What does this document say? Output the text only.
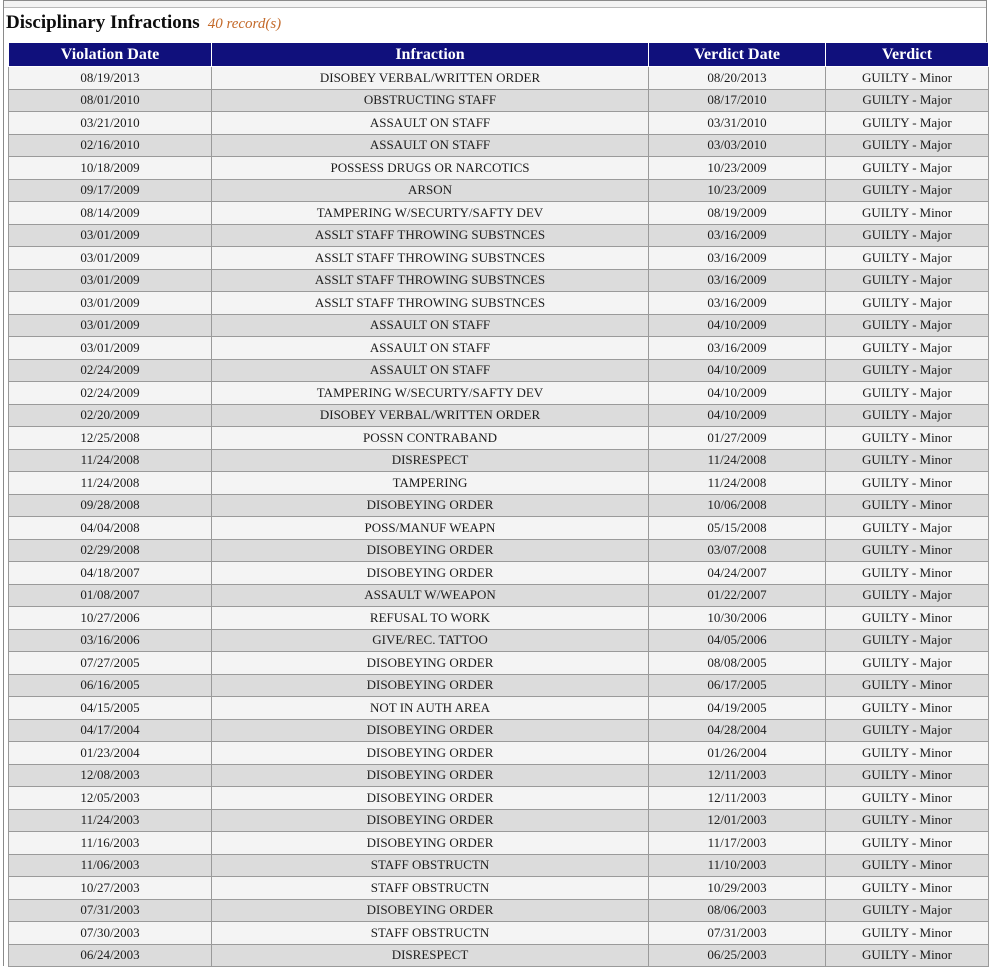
Disciplinary Infractions 40 record(s)
Violation Date	Infraction	Verdict Date	Verdict
08/19/2013	DISOBEY VERBAL/WRITTEN ORDER	08/20/2013	GUILTY - Minor
08/01/2010	OBSTRUCTING STAFF	08/17/2010	GUILTY - Major
03/21/2010	ASSAULT ON STAFF	03/31/2010	GUILTY - Major
02/16/2010	ASSAULT ON STAFF	03/03/2010	GUILTY - Major
10/18/2009	POSSESS DRUGS OR NARCOTICS	10/23/2009	GUILTY - Major
09/17/2009	ARSON	10/23/2009	GUILTY - Major
08/14/2009	TAMPERING W/SECURTY/SAFTY DEV	08/19/2009	GUILTY - Minor
03/01/2009	ASSLT STAFF THROWING SUBSTNCES	03/16/2009	GUILTY - Major
03/01/2009	ASSLT STAFF THROWING SUBSTNCES	03/16/2009	GUILTY - Major
03/01/2009	ASSLT STAFF THROWING SUBSTNCES	03/16/2009	GUILTY - Major
03/01/2009	ASSLT STAFF THROWING SUBSTNCES	03/16/2009	GUILTY - Major
03/01/2009	ASSAULT ON STAFF	04/10/2009	GUILTY - Major
03/01/2009	ASSAULT ON STAFF	03/16/2009	GUILTY - Major
02/24/2009	ASSAULT ON STAFF	04/10/2009	GUILTY - Major
02/24/2009	TAMPERING W/SECURTY/SAFTY DEV	04/10/2009	GUILTY - Major
02/20/2009	DISOBEY VERBAL/WRITTEN ORDER	04/10/2009	GUILTY - Major
12/25/2008	POSSN CONTRABAND	01/27/2009	GUILTY - Minor
11/24/2008	DISRESPECT	11/24/2008	GUILTY - Minor
11/24/2008	TAMPERING	11/24/2008	GUILTY - Minor
09/28/2008	DISOBEYING ORDER	10/06/2008	GUILTY - Minor
04/04/2008	POSS/MANUF WEAPN	05/15/2008	GUILTY - Major
02/29/2008	DISOBEYING ORDER	03/07/2008	GUILTY - Minor
04/18/2007	DISOBEYING ORDER	04/24/2007	GUILTY - Minor
01/08/2007	ASSAULT W/WEAPON	01/22/2007	GUILTY - Major
10/27/2006	REFUSAL TO WORK	10/30/2006	GUILTY - Minor
03/16/2006	GIVE/REC. TATTOO	04/05/2006	GUILTY - Major
07/27/2005	DISOBEYING ORDER	08/08/2005	GUILTY - Major
06/16/2005	DISOBEYING ORDER	06/17/2005	GUILTY - Minor
04/15/2005	NOT IN AUTH AREA	04/19/2005	GUILTY - Minor
04/17/2004	DISOBEYING ORDER	04/28/2004	GUILTY - Major
01/23/2004	DISOBEYING ORDER	01/26/2004	GUILTY - Minor
12/08/2003	DISOBEYING ORDER	12/11/2003	GUILTY - Minor
12/05/2003	DISOBEYING ORDER	12/11/2003	GUILTY - Minor
11/24/2003	DISOBEYING ORDER	12/01/2003	GUILTY - Minor
11/16/2003	DISOBEYING ORDER	11/17/2003	GUILTY - Minor
11/06/2003	STAFF OBSTRUCTN	11/10/2003	GUILTY - Minor
10/27/2003	STAFF OBSTRUCTN	10/29/2003	GUILTY - Minor
07/31/2003	DISOBEYING ORDER	08/06/2003	GUILTY - Major
07/30/2003	STAFF OBSTRUCTN	07/31/2003	GUILTY - Minor
06/24/2003	DISRESPECT	06/25/2003	GUILTY - Minor
